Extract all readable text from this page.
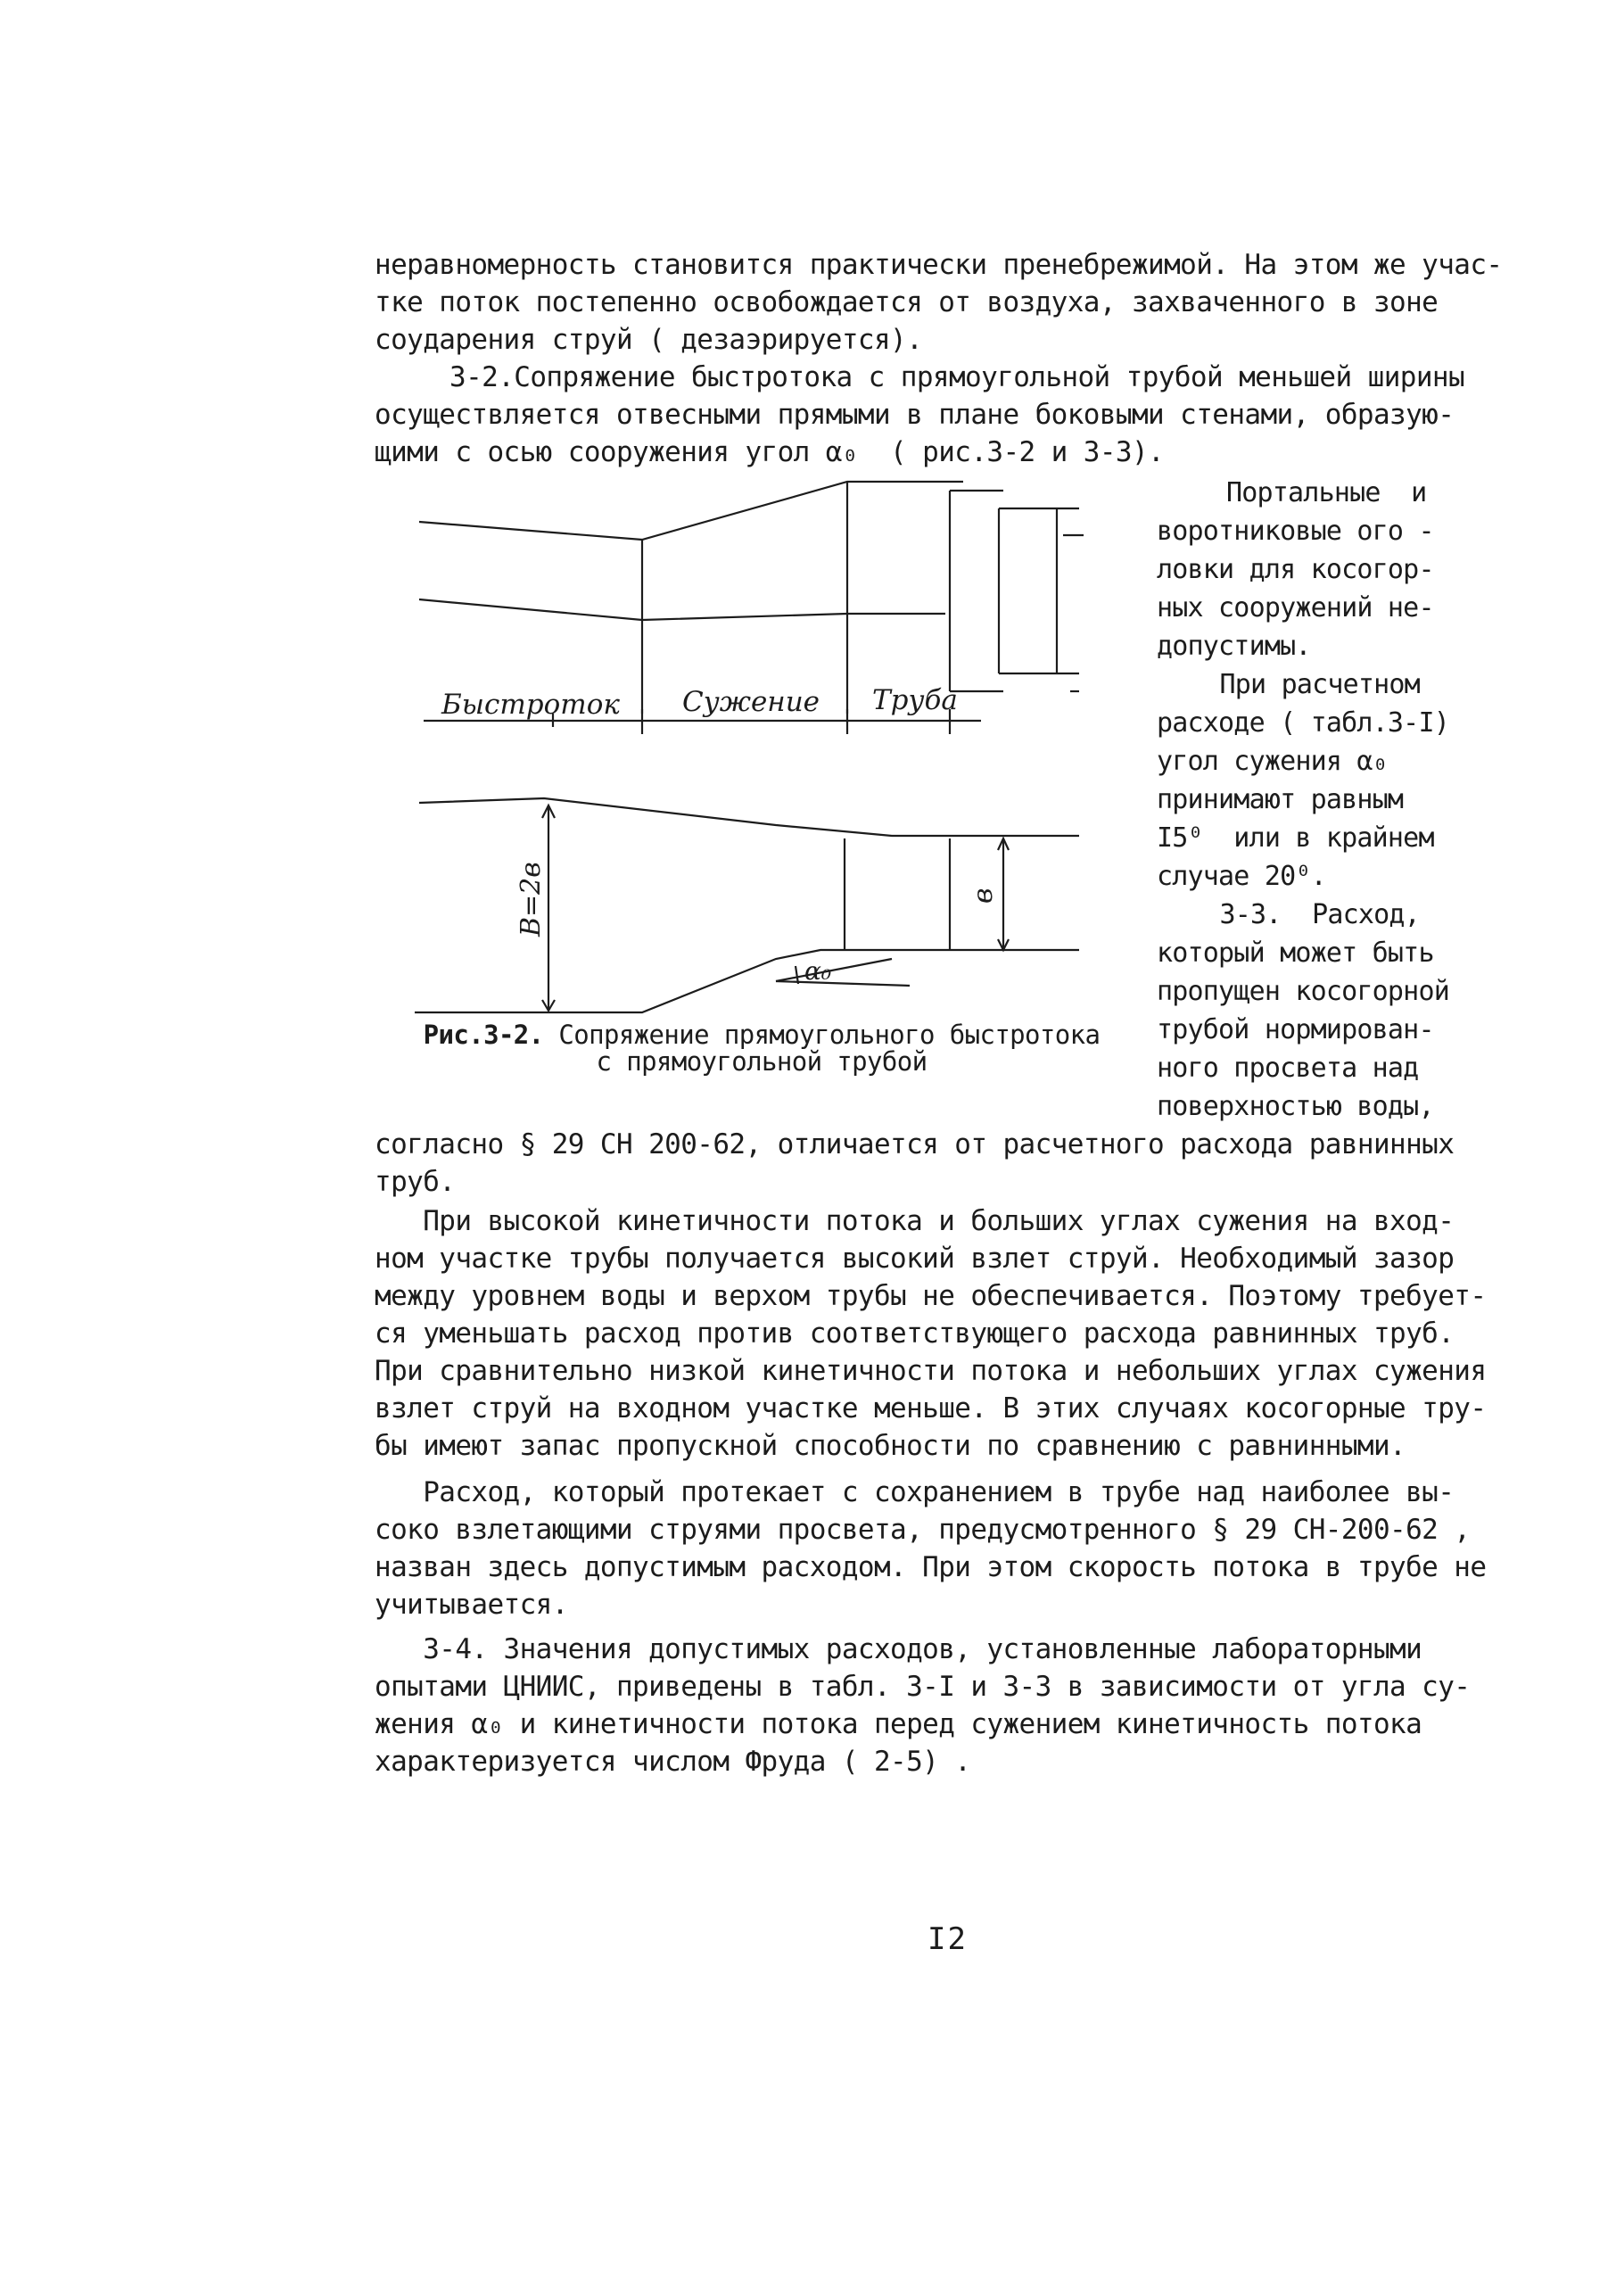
неравномерность становится практически пренебрежимой. На этом же учас-
тке поток постепенно освобождается от воздуха, захваченного в зоне
соударения струй ( дезаэрируется).
3-2.Сопряжение быстротока с прямоугольной трубой меньшей ширины
осуществляется отвесными прямыми в плане боковыми стенами, образую-
щими с осью сооружения угол α₀  ( рис.3-2 и 3-3).
Быстроток Сужение Труба
B=2в	в
α₀
Рис.3-2. Сопряжение прямоугольного быстротока
с прямоугольной трубой
Портальные  и
воротниковые ого -
ловки для косогор-
ных сооружений не-
допустимы.
При расчетном
расходе ( табл.3-I)
угол сужения α₀
принимают равным
I5⁰  или в крайнем
случае 20⁰.
3-3.  Расход,
который может быть
пропущен косогорной
трубой нормирован-
ного просвета над
поверхностью воды,
согласно § 29 СН 200-62, отличается от расчетного расхода равнинных
труб.
При высокой кинетичности потока и больших углах сужения на вход-
ном участке трубы получается высокий взлет струй. Необходимый зазор
между уровнем воды и верхом трубы не обеспечивается. Поэтому требует-
ся уменьшать расход против соответствующего расхода равнинных труб.
При сравнительно низкой кинетичности потока и небольших углах сужения
взлет струй на входном участке меньше. В этих случаях косогорные тру-
бы имеют запас пропускной способности по сравнению с равнинными.
Расход, который протекает с сохранением в трубе над наиболее вы-
соко взлетающими струями просвета, предусмотренного § 29 СН-200-62 ,
назван здесь допустимым расходом. При этом скорость потока в трубе не
учитывается.
3-4. Значения допустимых расходов, установленные лабораторными
опытами ЦНИИС, приведены в табл. 3-I и 3-3 в зависимости от угла су-
жения α₀ и кинетичности потока перед сужением кинетичность потока
характеризуется числом Фруда ( 2-5) .
I2
